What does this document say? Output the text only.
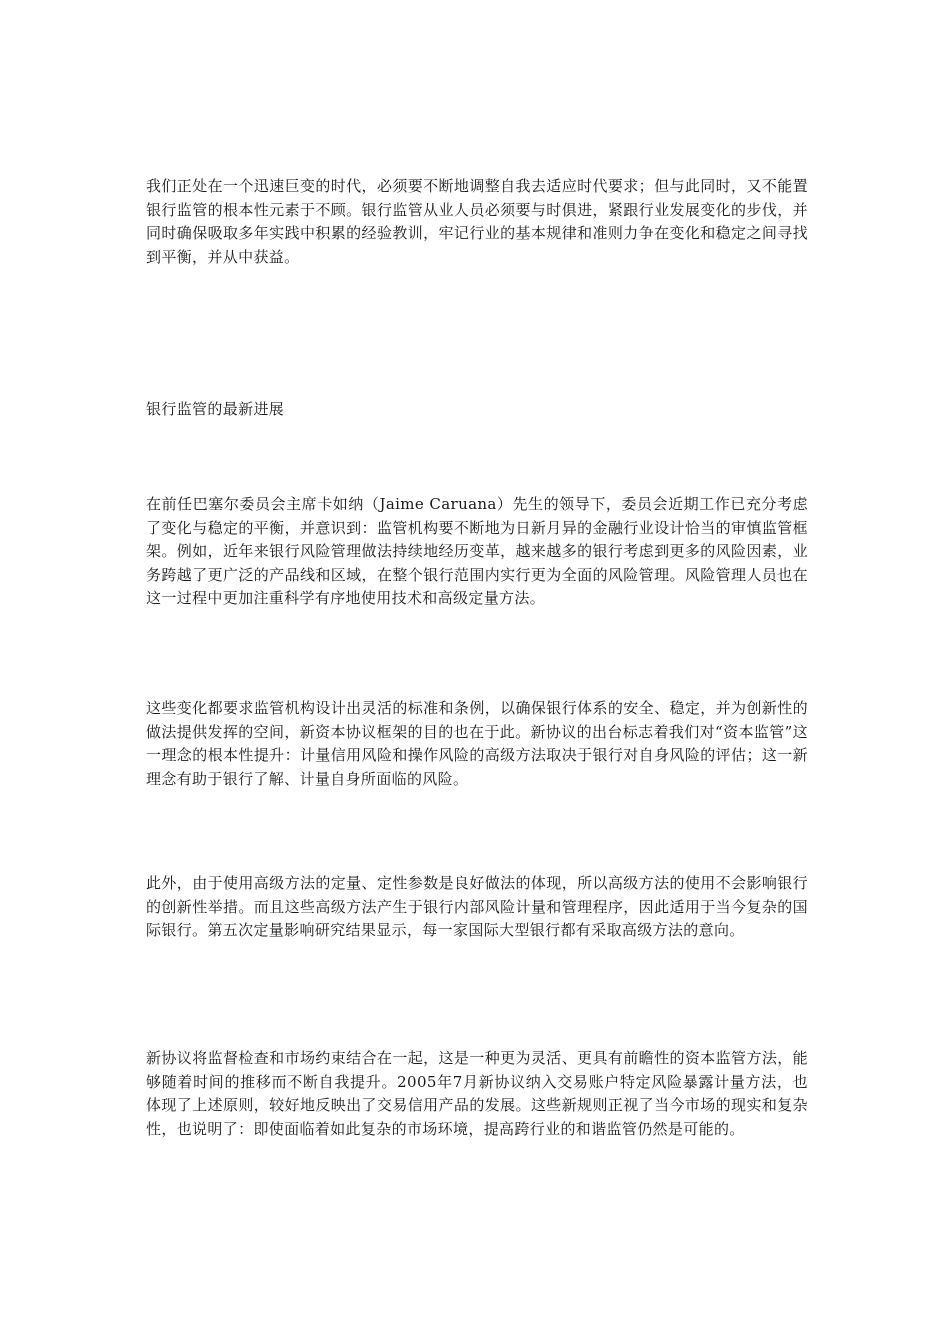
我们正处在一个迅速巨变的时代，必须要不断地调整自我去适应时代要求；但与此同时，又不能置银行监管的根本性元素于不顾。银行监管从业人员必须要与时俱进，紧跟行业发展变化的步伐，并同时确保吸取多年实践中积累的经验教训，牢记行业的基本规律和准则力争在变化和稳定之间寻找到平衡，并从中获益。

银行监管的最新进展

在前任巴塞尔委员会主席卡如纳（Jaime Caruana）先生的领导下，委员会近期工作已充分考虑了变化与稳定的平衡，并意识到：监管机构要不断地为日新月异的金融行业设计恰当的审慎监管框架。例如，近年来银行风险管理做法持续地经历变革，越来越多的银行考虑到更多的风险因素，业务跨越了更广泛的产品线和区域，在整个银行范围内实行更为全面的风险管理。风险管理人员也在这一过程中更加注重科学有序地使用技术和高级定量方法。

这些变化都要求监管机构设计出灵活的标准和条例，以确保银行体系的安全、稳定，并为创新性的做法提供发挥的空间，新资本协议框架的目的也在于此。新协议的出台标志着我们对“资本监管”这一理念的根本性提升：计量信用风险和操作风险的高级方法取决于银行对自身风险的评估；这一新理念有助于银行了解、计量自身所面临的风险。

此外，由于使用高级方法的定量、定性参数是良好做法的体现，所以高级方法的使用不会影响银行的创新性举措。而且这些高级方法产生于银行内部风险计量和管理程序，因此适用于当今复杂的国际银行。第五次定量影响研究结果显示，每一家国际大型银行都有采取高级方法的意向。

新协议将监督检查和市场约束结合在一起，这是一种更为灵活、更具有前瞻性的资本监管方法，能够随着时间的推移而不断自我提升。2005年7月新协议纳入交易账户特定风险暴露计量方法，也体现了上述原则，较好地反映出了交易信用产品的发展。这些新规则正视了当今市场的现实和复杂性，也说明了：即使面临着如此复杂的市场环境，提高跨行业的和谐监管仍然是可能的。
